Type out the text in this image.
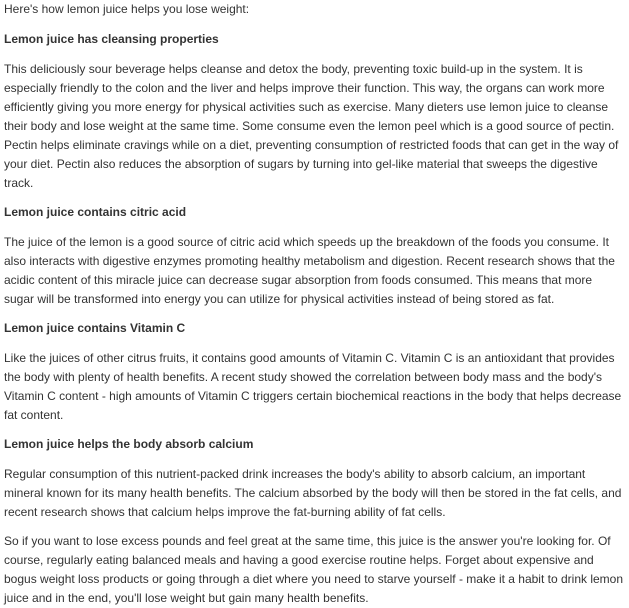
Here's how lemon juice helps you lose weight:

Lemon juice has cleansing properties

This deliciously sour beverage helps cleanse and detox the body, preventing toxic build-up in the system. It is especially friendly to the colon and the liver and helps improve their function. This way, the organs can work more efficiently giving you more energy for physical activities such as exercise. Many dieters use lemon juice to cleanse their body and lose weight at the same time. Some consume even the lemon peel which is a good source of pectin. Pectin helps eliminate cravings while on a diet, preventing consumption of restricted foods that can get in the way of your diet. Pectin also reduces the absorption of sugars by turning into gel-like material that sweeps the digestive track.

Lemon juice contains citric acid

The juice of the lemon is a good source of citric acid which speeds up the breakdown of the foods you consume. It also interacts with digestive enzymes promoting healthy metabolism and digestion. Recent research shows that the acidic content of this miracle juice can decrease sugar absorption from foods consumed. This means that more sugar will be transformed into energy you can utilize for physical activities instead of being stored as fat.

Lemon juice contains Vitamin C

Like the juices of other citrus fruits, it contains good amounts of Vitamin C. Vitamin C is an antioxidant that provides the body with plenty of health benefits. A recent study showed the correlation between body mass and the body's Vitamin C content - high amounts of Vitamin C triggers certain biochemical reactions in the body that helps decrease fat content.

Lemon juice helps the body absorb calcium

Regular consumption of this nutrient-packed drink increases the body's ability to absorb calcium, an important mineral known for its many health benefits. The calcium absorbed by the body will then be stored in the fat cells, and recent research shows that calcium helps improve the fat-burning ability of fat cells.

So if you want to lose excess pounds and feel great at the same time, this juice is the answer you're looking for. Of course, regularly eating balanced meals and having a good exercise routine helps. Forget about expensive and bogus weight loss products or going through a diet where you need to starve yourself - make it a habit to drink lemon juice and in the end, you'll lose weight but gain many health benefits.
